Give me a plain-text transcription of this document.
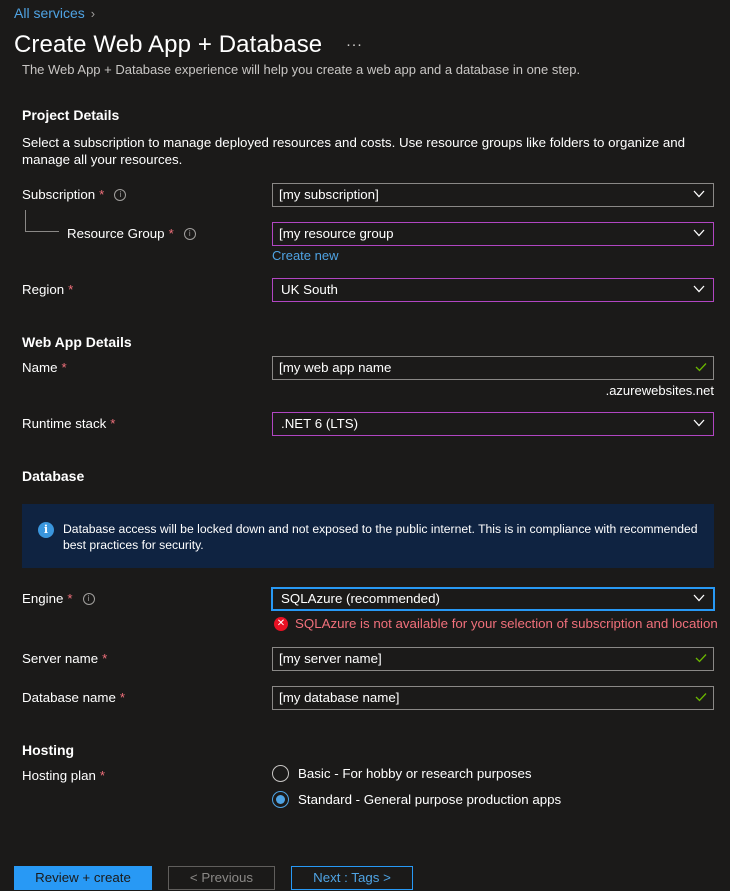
All services ›
Create Web App + Database ···
The Web App + Database experience will help you create a web app and a database in one step.
Project Details
Select a subscription to manage deployed resources and costs. Use resource groups like folders to organize and manage all your resources.
Subscription *	i	[my subscription]
Resource Group *	i	[my resource group
Create new
Region *	UK South
Web App Details
Name *	[my web app name
.azurewebsites.net
Runtime stack *	.NET 6 (LTS)
Database
i	Database access will be locked down and not exposed to the public internet. This is in compliance with recommended best practices for security.
Engine *	i	SQLAzure (recommended)
✕ SQLAzure is not available for your selection of subscription and location
Server name *	[my server name]
Database name *	[my database name]
Hosting
Hosting plan *	Basic - For hobby or research purposes
Standard - General purpose production apps
Review + create	< Previous	Next : Tags >
